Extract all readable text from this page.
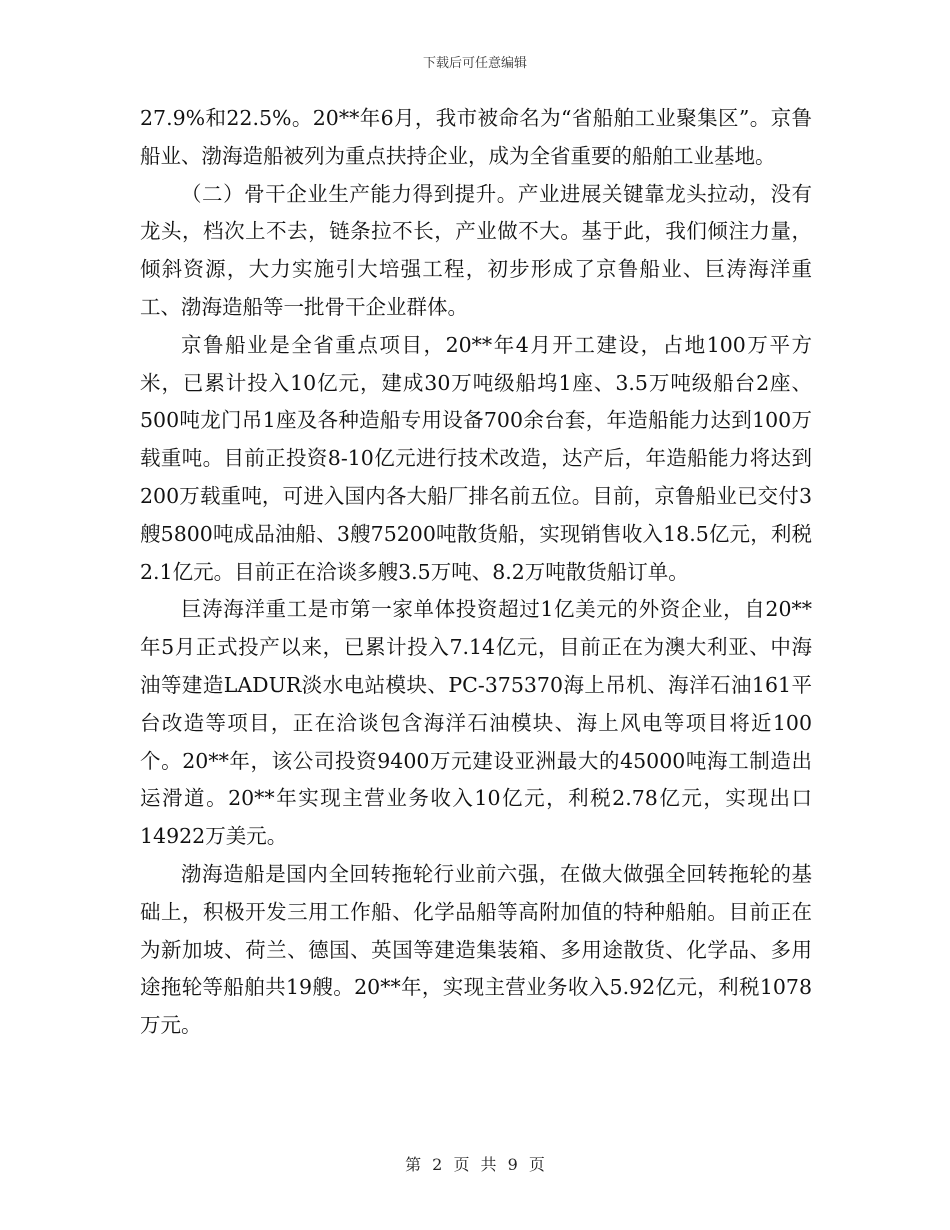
下载后可任意编辑

27.9%和22.5%。20**年6月，我市被命名为“省船舶工业聚集区”。京鲁船业、渤海造船被列为重点扶持企业，成为全省重要的船舶工业基地。

（二）骨干企业生产能力得到提升。产业进展关键靠龙头拉动，没有龙头，档次上不去，链条拉不长，产业做不大。基于此，我们倾注力量，倾斜资源，大力实施引大培强工程，初步形成了京鲁船业、巨涛海洋重工、渤海造船等一批骨干企业群体。

京鲁船业是全省重点项目，20**年4月开工建设，占地100万平方米，已累计投入10亿元，建成30万吨级船坞1座、3.5万吨级船台2座、500吨龙门吊1座及各种造船专用设备700余台套，年造船能力达到100万载重吨。目前正投资8-10亿元进行技术改造，达产后，年造船能力将达到200万载重吨，可进入国内各大船厂排名前五位。目前，京鲁船业已交付3艘5800吨成品油船、3艘75200吨散货船，实现销售收入18.5亿元，利税2.1亿元。目前正在洽谈多艘3.5万吨、8.2万吨散货船订单。

巨涛海洋重工是市第一家单体投资超过1亿美元的外资企业，自20**年5月正式投产以来，已累计投入7.14亿元，目前正在为澳大利亚、中海油等建造LADUR淡水电站模块、PC-375370海上吊机、海洋石油161平台改造等项目，正在洽谈包含海洋石油模块、海上风电等项目将近100个。20**年，该公司投资9400万元建设亚洲最大的45000吨海工制造出运滑道。20**年实现主营业务收入10亿元，利税2.78亿元，实现出口14922万美元。

渤海造船是国内全回转拖轮行业前六强，在做大做强全回转拖轮的基础上，积极开发三用工作船、化学品船等高附加值的特种船舶。目前正在为新加坡、荷兰、德国、英国等建造集装箱、多用途散货、化学品、多用途拖轮等船舶共19艘。20**年，实现主营业务收入5.92亿元，利税1078万元。

第 2 页 共 9 页
